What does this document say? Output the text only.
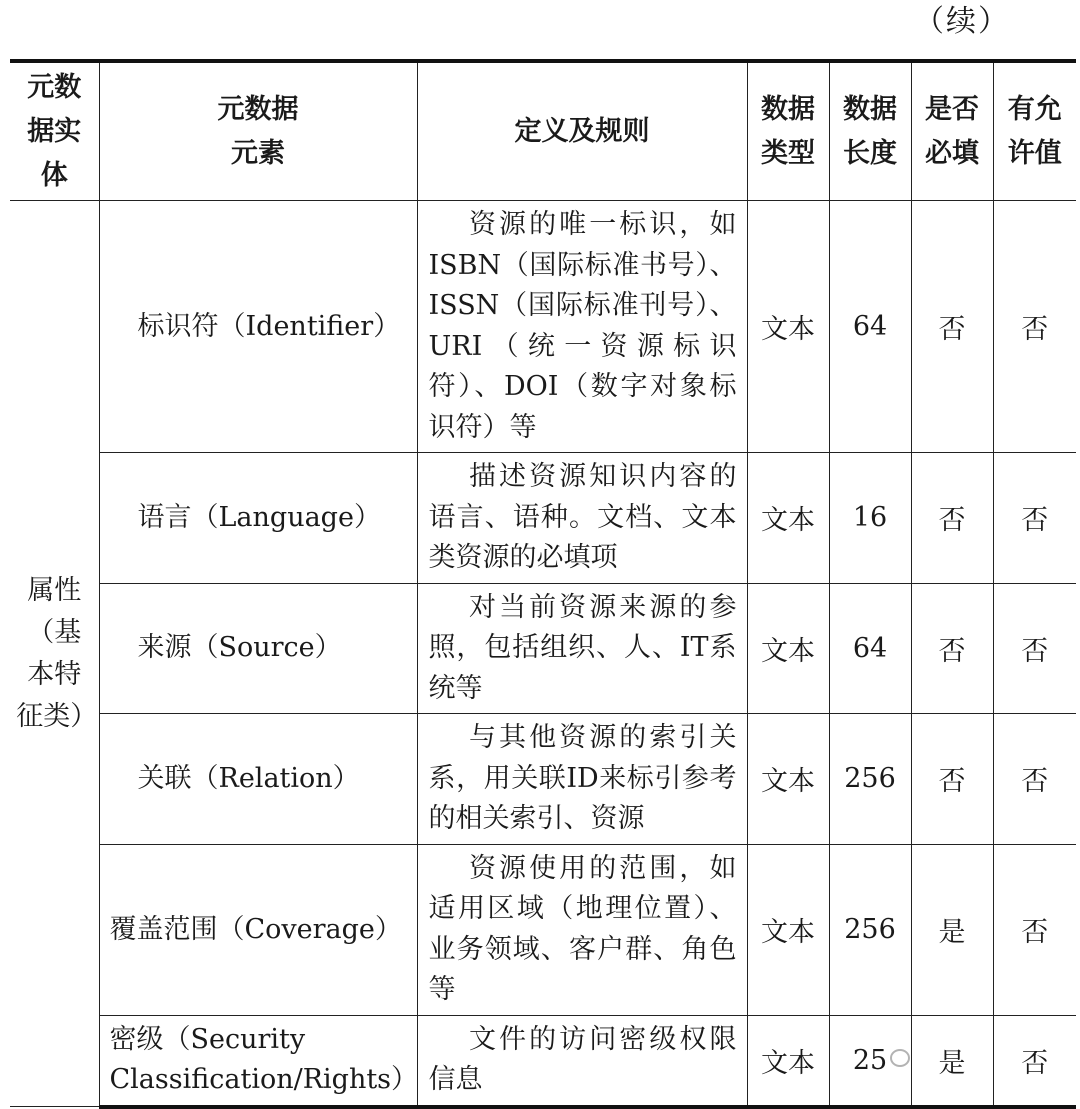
（续）
元数据实体	元数据元素	定义及规则	数据类型	数据长度	是否必填	有允许值

属性（基本特征类）	标识符（Identifier）	资源的唯一标识，如ISBN（国际标准书号）、ISSN（国际标准刊号）、URI（统一资源标识符）、DOI（数字对象标识符）等	文本	64	否	否
	语言（Language）	描述资源知识内容的语言、语种。文档、文本类资源的必填项	文本	16	否	否
	来源（Source）	对当前资源来源的参照，包括组织、人、IT系统等	文本	64	否	否
	关联（Relation）	与其他资源的索引关系，用关联ID来标引参考的相关索引、资源	文本	256	否	否
	覆盖范围（Coverage）	资源使用的范围，如适用区域（地理位置）、业务领域、客户群、角色等	文本	256	是	否
	密级（Security Classification/Rights）	文件的访问密级权限信息	文本	25	是	否
